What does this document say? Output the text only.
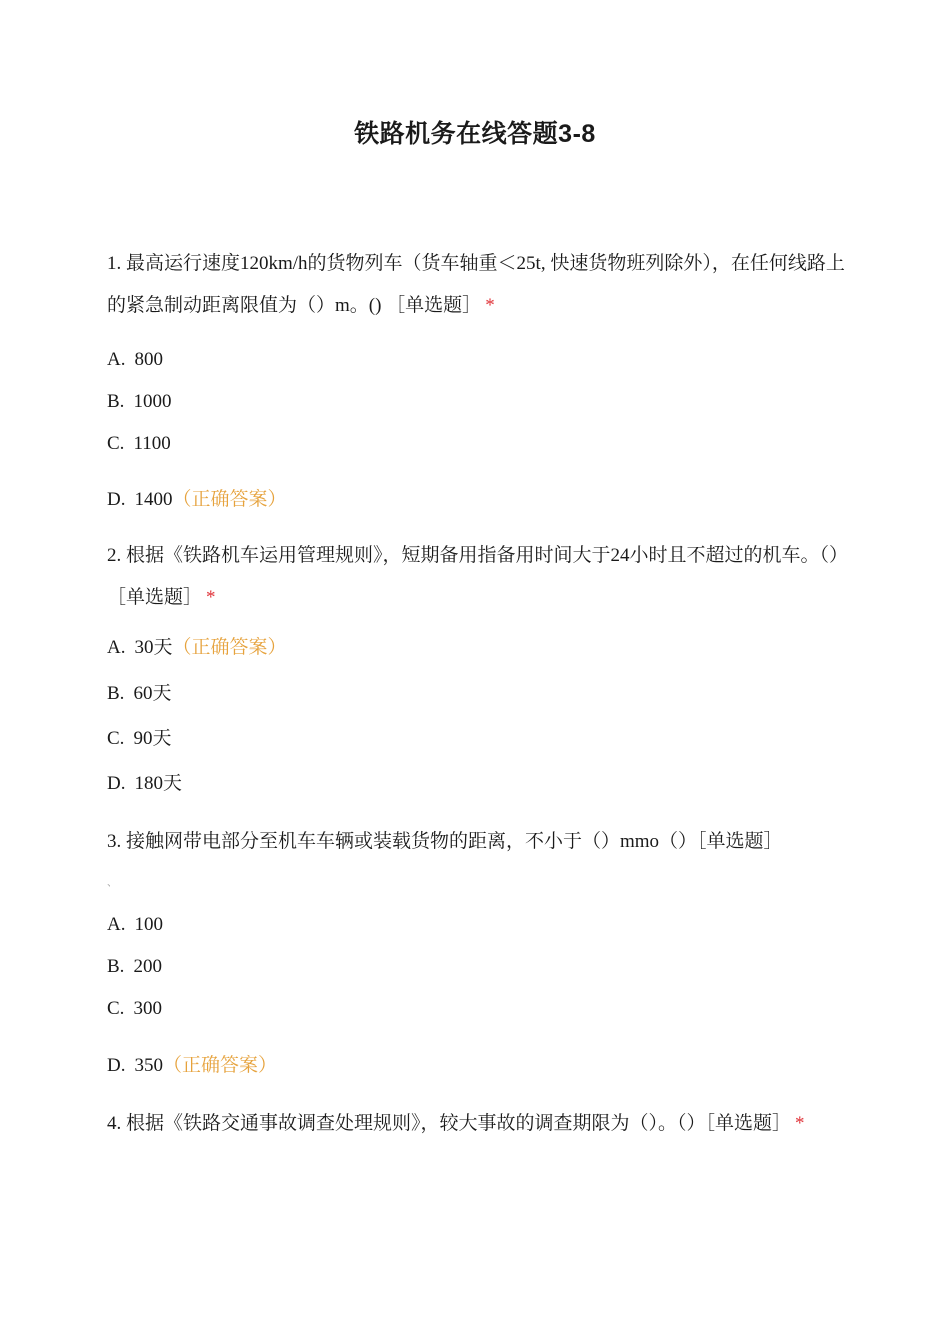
铁路机务在线答题3-8

1. 最高运行速度120km/h的货物列车（货车轴重＜25t, 快速货物班列除外），在任何线路上的紧急制动距离限值为（）m。() ［单选题］ *

A. 800
B. 1000
C. 1100
D. 1400（正确答案）

2. 根据《铁路机车运用管理规则》，短期备用指备用时间大于24小时且不超过的机车。（）［单选题］ *

A. 30天（正确答案）
B. 60天
C. 90天
D. 180天

3. 接触网带电部分至机车车辆或装载货物的距离，不小于（）mmo（）［单选题］

、
A. 100
B. 200
C. 300
D. 350（正确答案）

4. 根据《铁路交通事故调查处理规则》，较大事故的调查期限为（）。（）［单选题］ *
